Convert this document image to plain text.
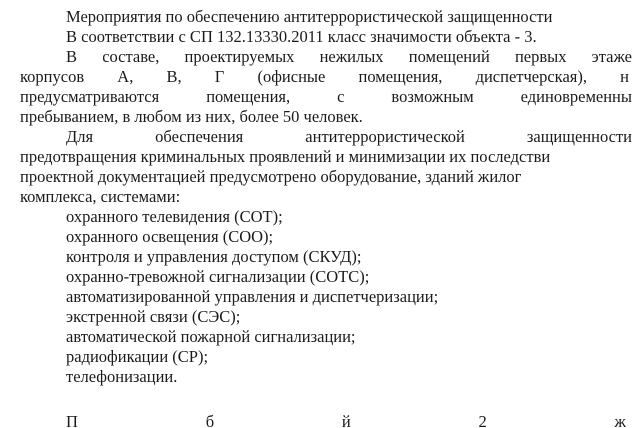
Мероприятия по обеспечению антитеррористической защищенности
В соответствии с СП 132.13330.2011 класс значимости объекта - 3.
В составе, проектируемых нежилых помещений первых этаже
корпусов А, В, Г (офисные помещения, диспетчерская), н
предусматриваются	помещения,	с	возможным	единовременны
пребыванием, в любом из них, более 50 человек.
Для	обеспечения	антитеррористической	защищенности
предотвращения криминальных проявлений и минимизации их последстви
проектной документацией предусмотрено оборудование, зданий жилог
комплекса, системами:
охранного телевидения (СОТ);
охранного освещения (СОО);
контроля и управления доступом (СКУД);
охранно-тревожной сигнализации (СОТС);
автоматизированной управления и диспетчеризации;
экстренной связи (СЭС);
автоматической пожарной сигнализации;
радиофикации (СР);
телефонизации.
П	б	й	2	ж
